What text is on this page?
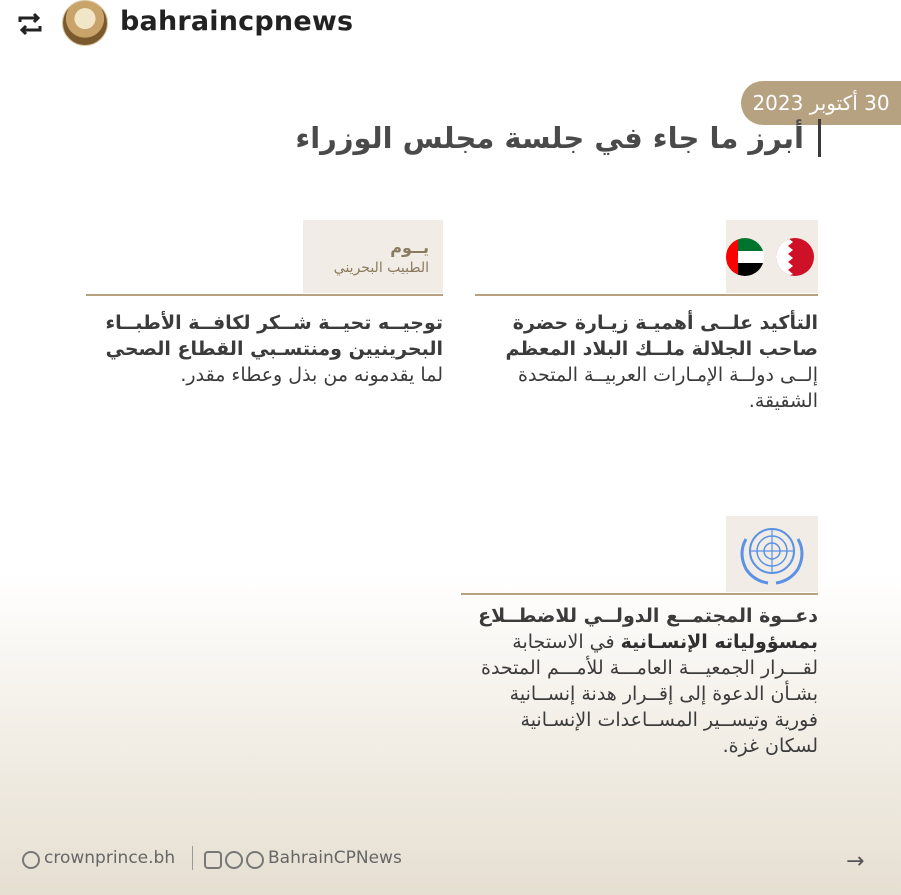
bahraincpnews
30 أكتوبر 2023
أبرز ما جاء في جلسة مجلس الوزراء
التأكيد علــى أهميـة زيـارة حضرة
صاحب الجلالة ملــك البلاد المعظم
إلــى دولــة الإمـارات العربيــة المتحدة
الشقيقة.
يــوم
الطبيب البحريني
توجيــه تحيــة شــكر لكافــة الأطبــاء
البحرينيين ومنتسـبي القطاع الصحي
لما يقدمونه من بذل وعطاء مقدر.
دعــوة المجتمــع الدولــي للاضطــلاع
بمسؤولياته الإنسـانية في الاستجابة
لقـــرار الجمعيـــة العامـــة للأمـــم المتحدة
بشـأن الدعوة إلى إقــرار هدنة إنســانية
فورية وتيســير المســاعدات الإنسـانية
لسكان غزة.
crownprince.bh	BahrainCPNews	→
